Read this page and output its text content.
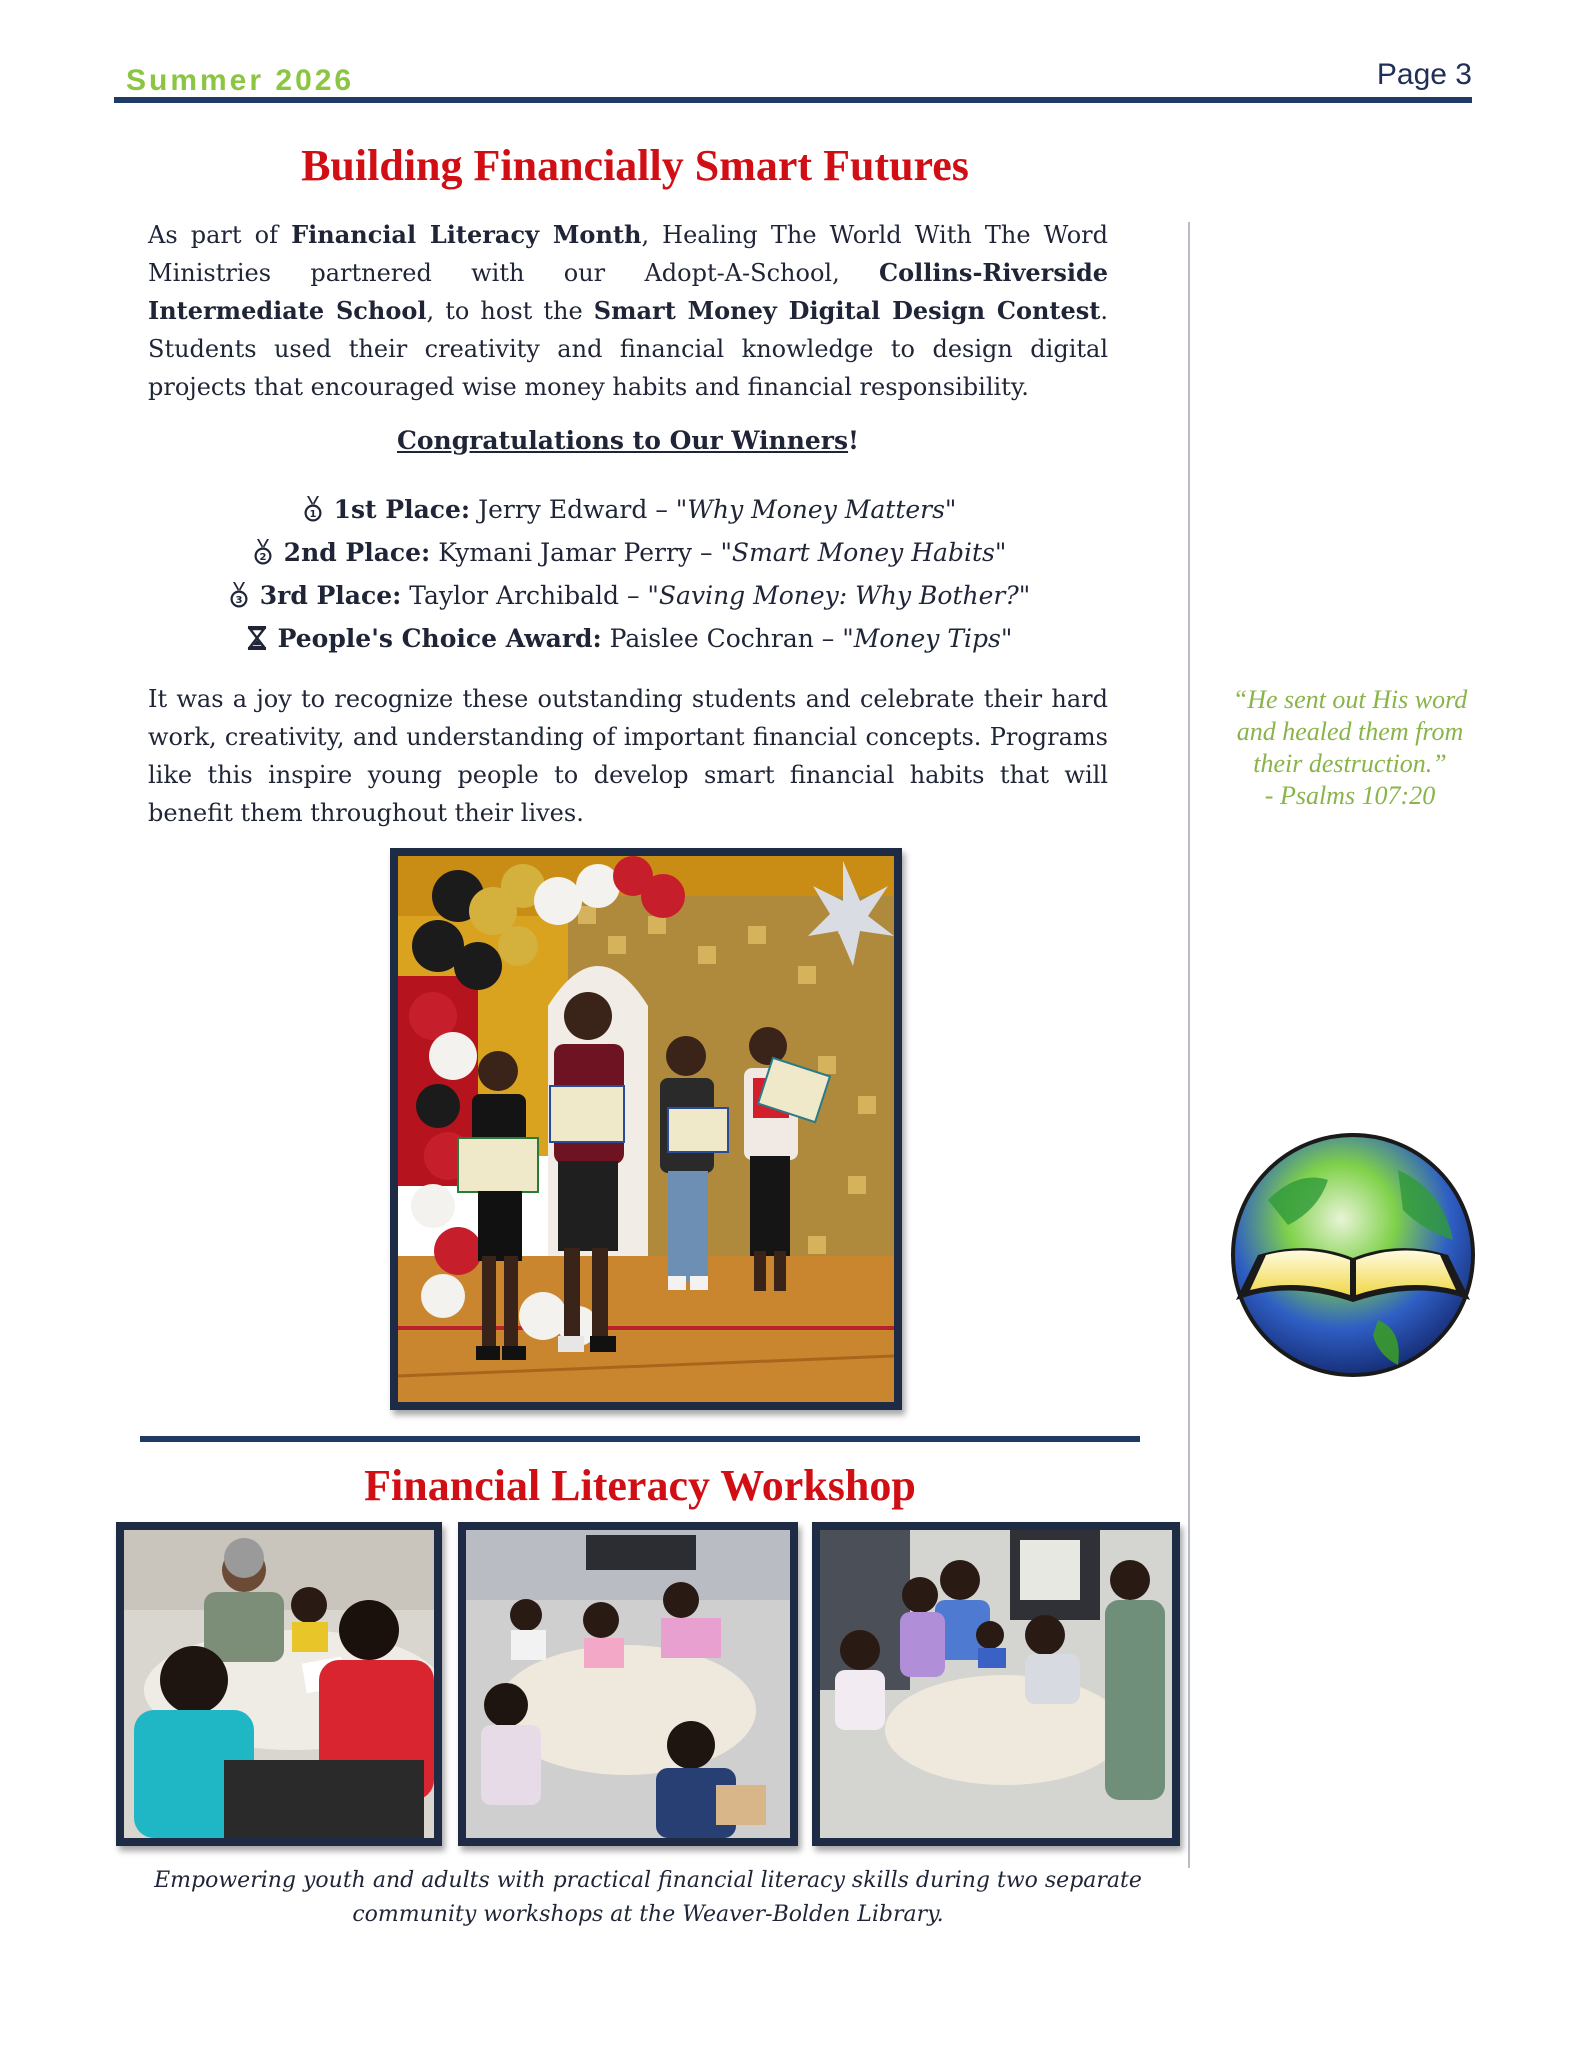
Summer 2026	Page 3
Building Financially Smart Futures
As part of Financial Literacy Month, Healing The World With The Word Ministries partnered with our Adopt-A-School, Collins-Riverside Intermediate School, to host the Smart Money Digital Design Contest. Students used their creativity and financial knowledge to design digital projects that encouraged wise money habits and financial responsibility.
Congratulations to Our Winners!
1 1st Place: Jerry Edward – "Why Money Matters"
2 2nd Place: Kymani Jamar Perry – "Smart Money Habits"
3 3rd Place: Taylor Archibald – "Saving Money: Why Bother?"
People's Choice Award: Paislee Cochran – "Money Tips"
It was a joy to recognize these outstanding students and celebrate their hard work, creativity, and understanding of important financial concepts. Programs like this inspire young people to develop smart financial habits that will benefit them throughout their lives.
“He sent out His word
and healed them from
their destruction.”
- Psalms 107:20
Financial Literacy Workshop
Empowering youth and adults with practical financial literacy skills during two separate
community workshops at the Weaver-Bolden Library.
